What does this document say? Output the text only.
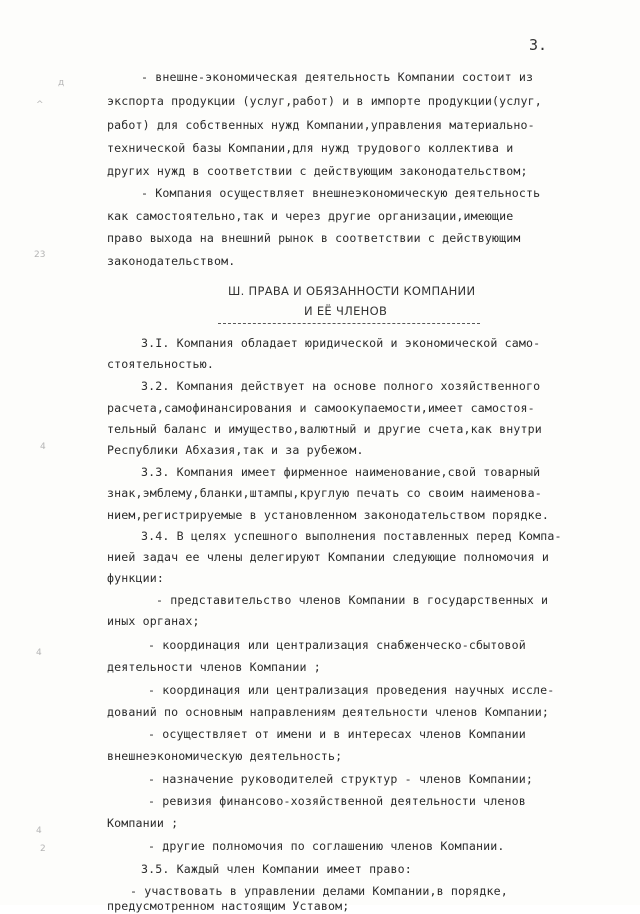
3.
д
^
23
4
4
4
2
- внешне-экономическая деятельность Компании состоит из
экспорта продукции (услуг,работ) и в импорте продукции(услуг,
работ) для собственных нужд Компании,управления материально-
технической базы Компании,для нужд трудового коллектива и
других нужд в соответствии с действующим законодательством;
- Компания осуществляет внешнеэкономическую деятельность
как самостоятельно,так и через другие организации,имеющие
право выхода на внешний рынок в соответствии с действующим
законодательством.
Ш. ПРАВА И ОБЯЗАННОСТИ КОМПАНИИ
И ЕЁ ЧЛЕНОВ
3.I. Компания обладает юридической и экономической само-
стоятельностью.
3.2. Компания действует на основе полного хозяйственного
расчета,самофинансирования и самоокупаемости,имеет самостоя-
тельный баланс и имущество,валютный и другие счета,как внутри
Республики Абхазия,так и за рубежом.
3.3. Компания имеет фирменное наименование,свой товарный
знак,эмблему,бланки,штампы,круглую печать со своим наименова-
нием,регистрируемые в установленном законодательством порядке.
3.4. В целях успешного выполнения поставленных перед Компа-
нией задач ее члены делегируют Компании следующие полномочия и
функции:
- представительство членов Компании в государственных и
иных органах;
- координация или централизация снабженческо-сбытовой
деятельности членов Компании ;
- координация или централизация проведения научных иссле-
дований по основным направлениям деятельности членов Компании;
- осуществляет от имени и в интересах членов Компании
внешнеэкономическую деятельность;
- назначение руководителей структур - членов Компании;
- ревизия финансово-хозяйственной деятельности членов
Компании ;
- другие полномочия по соглашению членов Компании.
3.5. Каждый член Компании имеет право:
- участвовать в управлении делами Компании,в порядке,
предусмотренном настоящим Уставом;
